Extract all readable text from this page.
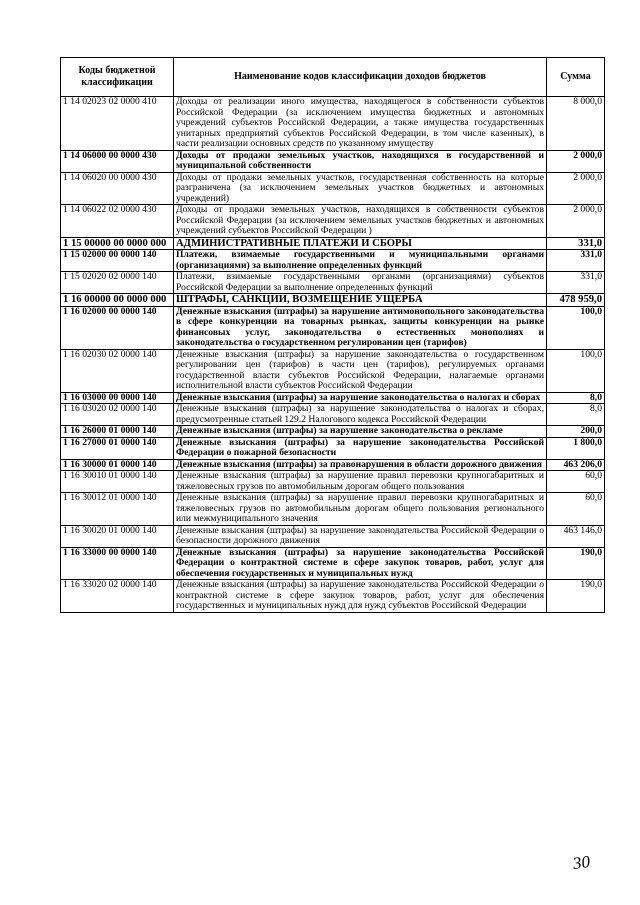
Коды бюджетной классификации	Наименование кодов классификации доходов бюджетов	Сумма
1 14 02023 02 0000 410	Доходы от реализации иного имущества, находящегося в собственности субъектов Российской Федерации (за исключением имущества бюджетных и автономных учреждений субъектов Российской Федерации, а также имущества государственных унитарных предприятий субъектов Российской Федерации, в том числе казенных), в части реализации основных средств по указанному имуществу	8 000,0
1 14 06000 00 0000 430	Доходы от продажи земельных участков, находящихся в государственной и муниципальной собственности	2 000,0
1 14 06020 00 0000 430	Доходы от продажи земельных участков, государственная собственность на которые разграничена (за исключением земельных участков бюджетных и автономных учреждений)	2 000,0
1 14 06022 02 0000 430	Доходы от продажи земельных участков, находящихся в собственности субъектов Российской Федерации (за исключением земельных участков бюджетных и автономных учреждений субъектов Российской Федерации )	2 000,0
1 15 00000 00 0000 000	АДМИНИСТРАТИВНЫЕ ПЛАТЕЖИ И СБОРЫ	331,0
1 15 02000 00 0000 140	Платежи, взимаемые государственными и муниципальными органами (организациями) за выполнение определенных функций	331,0
1 15 02020 02 0000 140	Платежи, взимаемые государственными органами (организациями) субъектов Российской Федерации за выполнение определенных функций	331,0
1 16 00000 00 0000 000	ШТРАФЫ, САНКЦИИ, ВОЗМЕЩЕНИЕ УЩЕРБА	478 959,0
1 16 02000 00 0000 140	Денежные взыскания (штрафы) за нарушение антимонопольного законодательства в сфере конкуренции на товарных рынках, защиты конкуренции на рынке финансовых услуг, законодательства о естественных монополиях и законодательства о государственном регулировании цен (тарифов)	100,0
1 16 02030 02 0000 140	Денежные взыскания (штрафы) за нарушение законодательства о государственном регулировании цен (тарифов) в части цен (тарифов), регулируемых органами государственной власти субъектов Российской Федерации, налагаемые органами исполнительной власти субъектов Российской Федерации	100,0
1 16 03000 00 0000 140	Денежные взыскания (штрафы) за нарушение законодательства о налогах и сборах	8,0
1 16 03020 02 0000 140	Денежные взыскания (штрафы) за нарушение законодательства о налогах и сборах, предусмотренные статьей 129.2 Налогового кодекса Российской Федерации	8,0
1 16 26000 01 0000 140	Денежные взыскания (штрафы) за нарушение законодательства о рекламе	200,0
1 16 27000 01 0000 140	Денежные взыскания (штрафы) за нарушение законодательства Российской Федерации о пожарной безопасности	1 800,0
1 16 30000 01 0000 140	Денежные взыскания (штрафы) за правонарушения в области дорожного движения	463 206,0
1 16 30010 01 0000 140	Денежные взыскания (штрафы) за нарушение правил перевозки крупногабаритных и тяжеловесных грузов по автомобильным дорогам общего пользования	60,0
1 16 30012 01 0000 140	Денежные взыскания (штрафы) за нарушение правил перевозки крупногабаритных и тяжеловесных грузов по автомобильным дорогам общего пользования регионального или межмуниципального значения	60,0
1 16 30020 01 0000 140	Денежные взыскания (штрафы) за нарушение законодательства Российской Федерации о безопасности дорожного движения	463 146,0
1 16 33000 00 0000 140	Денежные взыскания (штрафы) за нарушение законодательства Российской Федерации о контрактной системе в сфере закупок товаров, работ, услуг для обеспечения государственных и муниципальных нужд	190,0
1 16 33020 02 0000 140	Денежные взыскания (штрафы) за нарушение законодательства Российской Федерации о контрактной системе в сфере закупок товаров, работ, услуг для обеспечения государственных и муниципальных нужд для нужд субъектов Российской Федерации	190,0
30
